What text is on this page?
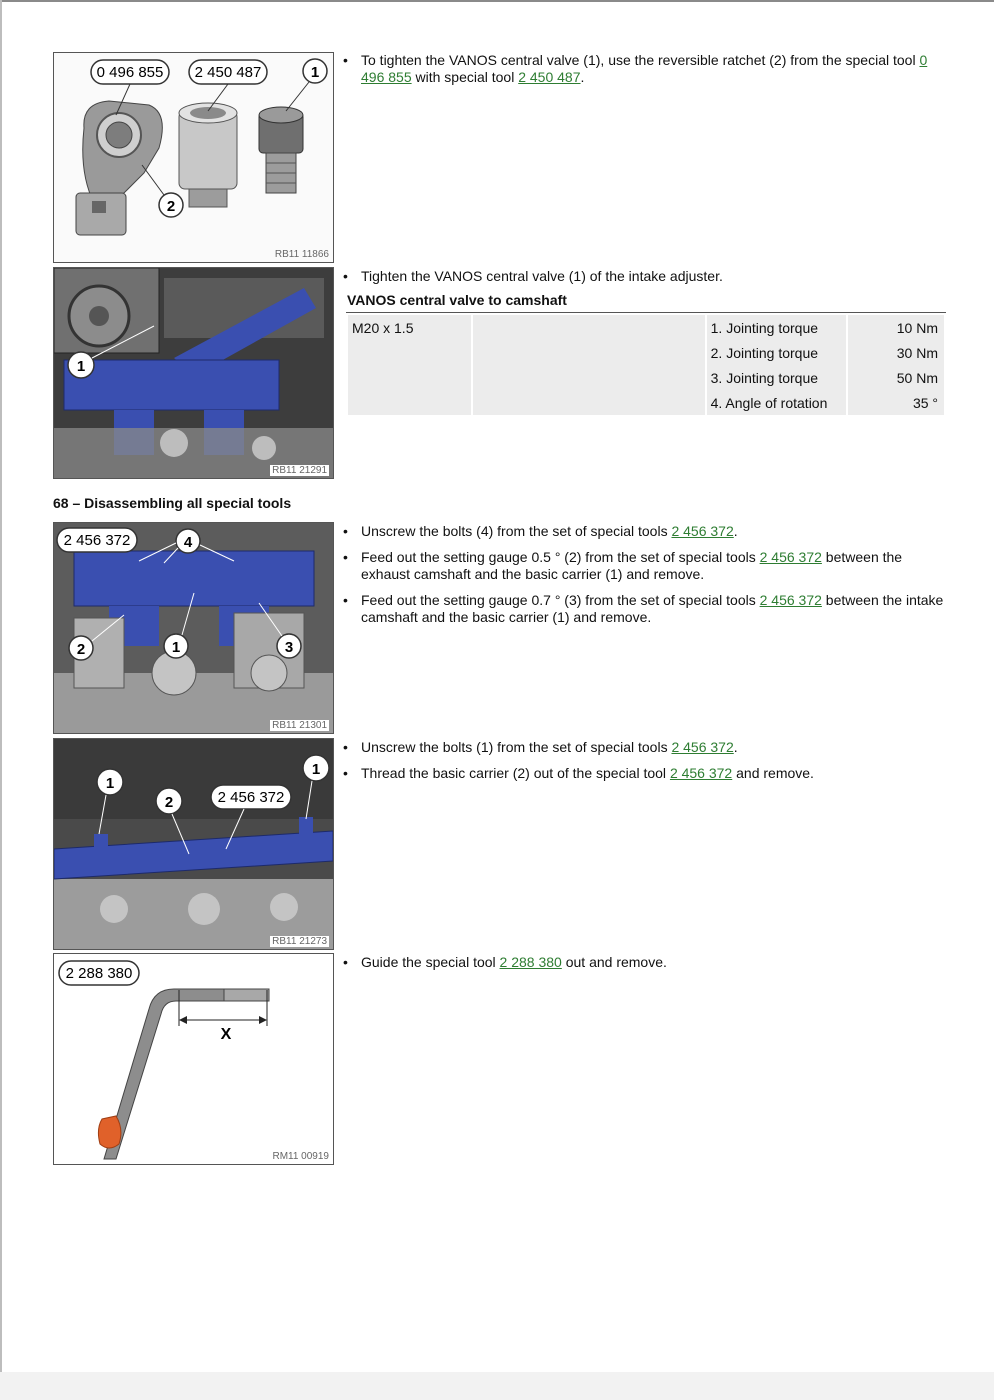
0 496 855 2 450 487	1
2
RB11 11866
1
RB11 21291
2 456 372	4
2	1	3
RB11 21301
1
2	2 456 372
1
RB11 21273
X
2 288 380
RM11 00919
• To tighten the VANOS central valve (1), use the reversible ratchet (2) from the special tool 0 496 855 with special tool 2 450 487.
• Tighten the VANOS central valve (1) of the intake adjuster.
VANOS central valve to camshaft
M20 x 1.5		1. Jointing torque	10 Nm
		2. Jointing torque	30 Nm
		3. Jointing torque	50 Nm
		4. Angle of rotation	35 °
68 – Disassembling all special tools
• Unscrew the bolts (4) from the set of special tools 2 456 372.
• Feed out the setting gauge 0.5 ° (2) from the set of special tools 2 456 372 between the exhaust camshaft and the basic carrier (1) and remove.
• Feed out the setting gauge 0.7 ° (3) from the set of special tools 2 456 372 between the intake camshaft and the basic carrier (1) and remove.
• Unscrew the bolts (1) from the set of special tools 2 456 372.
• Thread the basic carrier (2) out of the special tool 2 456 372 and remove.
• Guide the special tool 2 288 380 out and remove.
